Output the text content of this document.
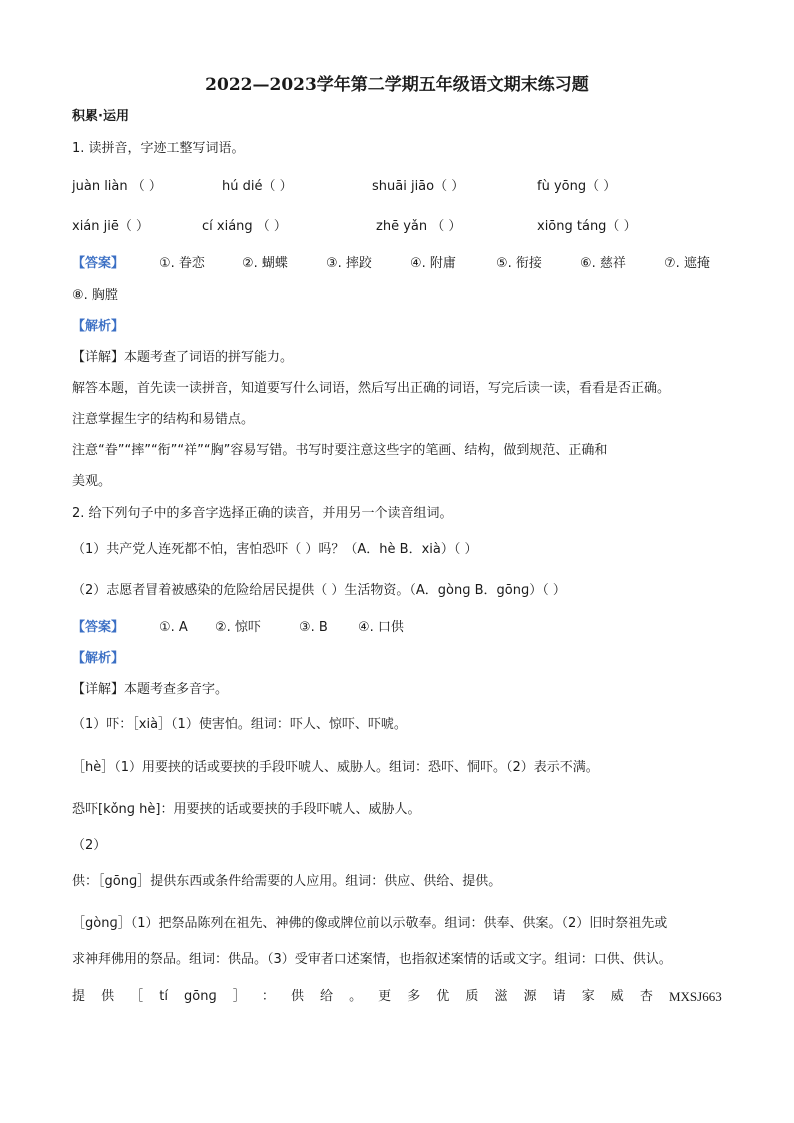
2022—2023学年第二学期五年级语文期末练习题
积累·运用
1. 读拼音，字迹工整写词语。
juàn liàn （ ）	hú dié（ ）	shuāi jiāo（ ）	fù yōng（ ）
xián jiē（ ）	cí xiáng （ ）	zhē yǎn （ ）	xiōng táng（ ）
【答案】	①. 眷恋	②. 蝴蝶	③. 摔跤	④. 附庸	⑤. 衔接	⑥. 慈祥	⑦. 遮掩
⑧. 胸膛
【解析】
【详解】本题考查了词语的拼写能力。
解答本题，首先读一读拼音，知道要写什么词语，然后写出正确的词语，写完后读一读，看看是否正确。
注意掌握生字的结构和易错点。
注意“眷”“摔”“衔”“祥”“胸”容易写错。书写时要注意这些字的笔画、结构，做到规范、正确和
美观。
2. 给下列句子中的多音字选择正确的读音，并用另一个读音组词。
（1）共产党人连死都不怕，害怕恐吓（ ）吗？（A．hè B．xià）（ ）
（2）志愿者冒着被感染的危险给居民提供（ ）生活物资。（A．gònɡ B．gōnɡ）（ ）
【答案】	①. A ②. 惊吓	③. B ④. 口供
【解析】
【详解】本题考查多音字。
（1）吓：［xià］（1）使害怕。组词：吓人、惊吓、吓唬。
［hè］（1）用要挟的话或要挟的手段吓唬人、威胁人。组词：恐吓、恫吓。（2）表示不满。
恐吓[kǒnɡ hè]：用要挟的话或要挟的手段吓唬人、威胁人。
（2）
供：［gōnɡ］提供东西或条件给需要的人应用。组词：供应、供给、提供。
［gònɡ］（1）把祭品陈列在祖先、神佛的像或牌位前以示敬奉。组词：供奉、供案。（2）旧时祭祖先或
求神拜佛用的祭品。组词：供品。（3）受审者口述案情，也指叙述案情的话或文字。组词：口供、供认。
提 供 ［ tí gōnɡ ］ ： 供 给 。 更 多 优 质 滋 源 请 家 威 杏 MXSJ663
